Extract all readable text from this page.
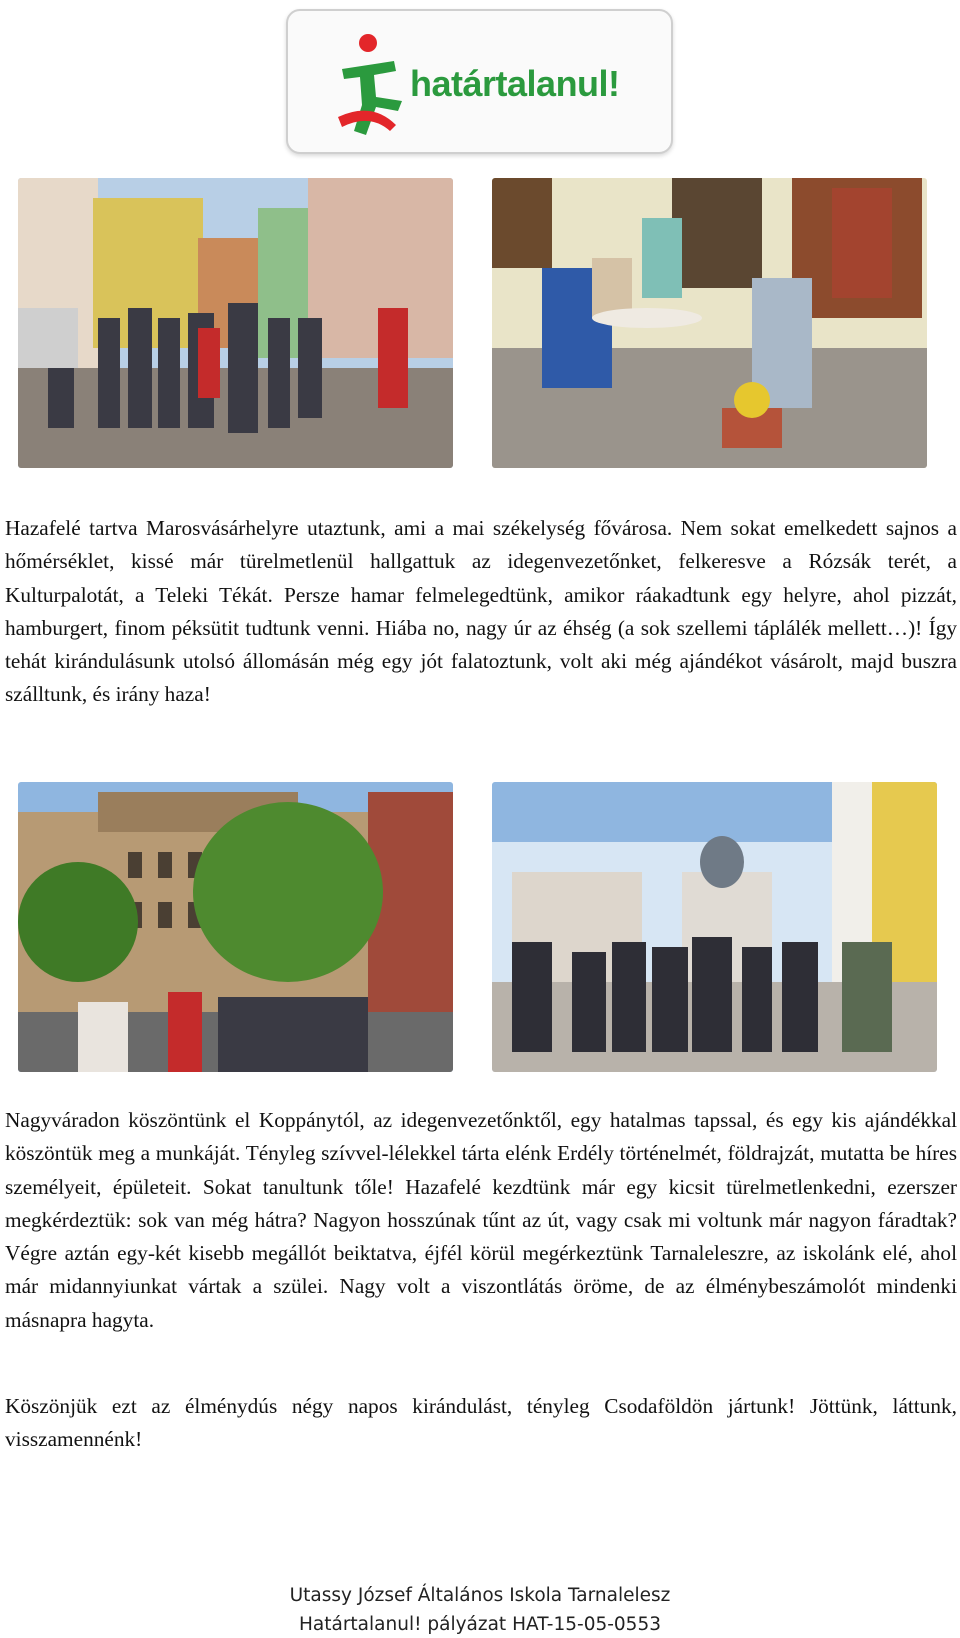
határtalanul!

Hazafelé tartva Marosvásárhelyre utaztunk, ami a mai székelység fővárosa. Nem sokat emelkedett sajnos a hőmérséklet, kissé már türelmetlenül hallgattuk az idegenvezetőnket, felkeresve a Rózsák terét, a Kulturpalotát, a Teleki Tékát. Persze hamar felmelegedtünk, amikor ráakadtunk egy helyre, ahol pizzát, hamburgert, finom péksütit tudtunk venni. Hiába no, nagy úr az éhség (a sok szellemi táplálék mellett…)! Így tehát kirándulásunk utolsó állomásán még egy jót falatoztunk, volt aki még ajándékot vásárolt, majd buszra szálltunk, és irány haza!

Nagyváradon köszöntünk el Koppánytól, az idegenvezetőnktől, egy hatalmas tapssal, és egy kis ajándékkal köszöntük meg a munkáját. Tényleg szívvel-lélekkel tárta elénk Erdély történelmét, földrajzát, mutatta be híres személyeit, épületeit. Sokat tanultunk tőle! Hazafelé kezdtünk már egy kicsit türelmetlenkedni, ezerszer megkérdeztük: sok van még hátra? Nagyon hosszúnak tűnt az út, vagy csak mi voltunk már nagyon fáradtak? Végre aztán egy-két kisebb megállót beiktatva, éjfél körül megérkeztünk Tarnaleleszre, az iskolánk elé, ahol már midannyiunkat vártak a szülei. Nagy volt a viszontlátás öröme, de az élménybeszámolót mindenki másnapra hagyta.

Köszönjük ezt az élménydús négy napos kirándulást, tényleg Csodaföldön jártunk! Jöttünk, láttunk, visszamennénk!

Utassy József Általános Iskola Tarnalelesz
Határtalanul! pályázat HAT-15-05-0553
